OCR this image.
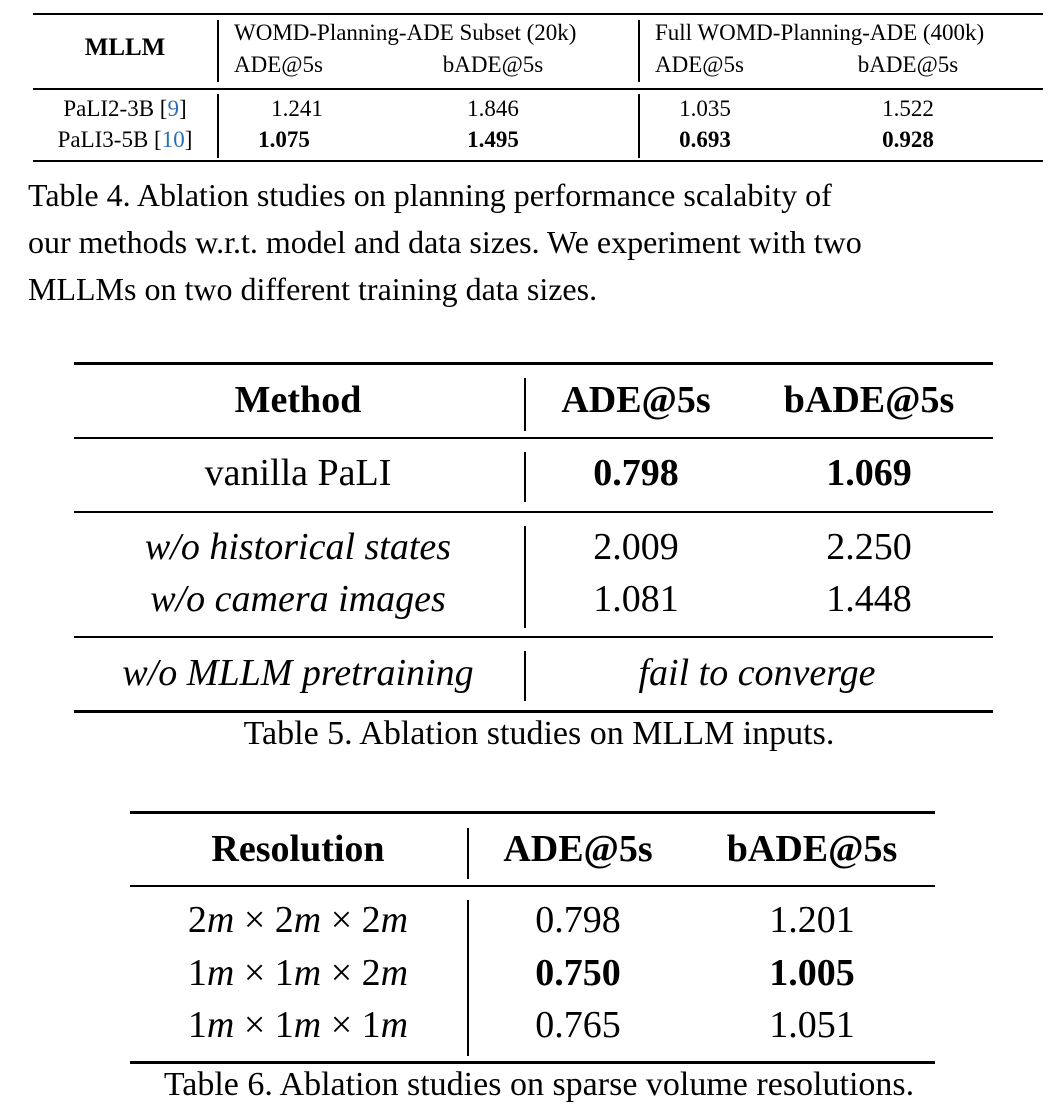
MLLM
WOMD-Planning-ADE Subset (20k)	Full WOMD-Planning-ADE (400k)
ADE@5s	bADE@5s	ADE@5s	bADE@5s
PaLI2-3B [9]	1.241	1.846	1.035	1.522
PaLI3-5B [10]	1.075	1.495	0.693	0.928
Table 4. Ablation studies on planning performance scalabity of
our methods w.r.t. model and data sizes. We experiment with two
MLLMs on two different training data sizes.
Method	ADE@5s bADE@5s
vanilla PaLI	0.798	1.069
w/o historical states	2.009	2.250
w/o camera images	1.081	1.448
w/o MLLM pretraining	fail to converge
Table 5. Ablation studies on MLLM inputs.
Resolution	ADE@5s bADE@5s
2m × 2m × 2m	0.798	1.201
1m × 1m × 2m	0.750	1.005
1m × 1m × 1m	0.765	1.051
Table 6. Ablation studies on sparse volume resolutions.
